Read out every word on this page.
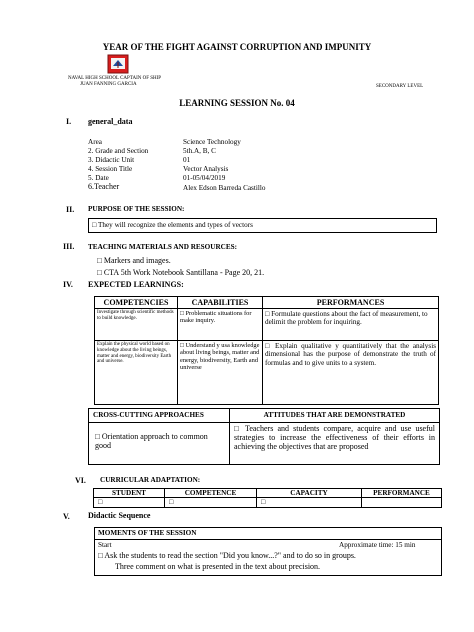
YEAR OF THE FIGHT AGAINST CORRUPTION AND IMPUNITY
NAVAL HIGH SCHOOL CAPTAIN OF SHIP
JUAN FANNING GARCIA	SECONDARY LEVEL
LEARNING SESSION No. 04
I. general_data
Area	Science Technology
2. Grade and Section	5th.A, B, C
3. Didactic Unit	01
4. Session Title	Vector Analysis
5. Date	01-05/04/2019
6.Teacher	Alex Edson Barreda Castillo
II. PURPOSE OF THE SESSION:
□ They will recognize the elements and types of vectors
III. TEACHING MATERIALS AND RESOURCES:
□ Markers and images.
□ CTA 5th Work Notebook Santillana - Page 20, 21.
IV. EXPECTED LEARNINGS:
COMPETENCIES	CAPABILITIES	PERFORMANCES
Investigate through scientific methods to build knowledge.	□ Problematic situations for make inquiry.	□ Formulate questions about the fact of measurement, to delimit the problem for inquiring.
Explain the physical world based on knowledge about the living beings, matter and energy, biodiversity Earth and universe.	□ Understand y usa knowledge about living beings, matter and energy, biodiversity, Earth and universe	□ Explain qualitative y quantitatively that the analysis dimensional has the purpose of demonstrate the truth of formulas and to give units to a system.
CROSS-CUTTING APPROACHES	ATTITUDES THAT ARE DEMONSTRATED
□ Orientation approach to common good	□ Teachers and students compare, acquire and use useful strategies to increase the effectiveness of their efforts in achieving the objectives that are proposed
VI. CURRICULAR ADAPTATION:
STUDENT	COMPETENCE	CAPACITY	PERFORMANCE
□	□	□	
V. Didactic Sequence
MOMENTS OF THE SESSION
Start	Approximate time: 15 min
□ Ask the students to read the section "Did you know...?" and to do so in groups.
Three comment on what is presented in the text about precision.
